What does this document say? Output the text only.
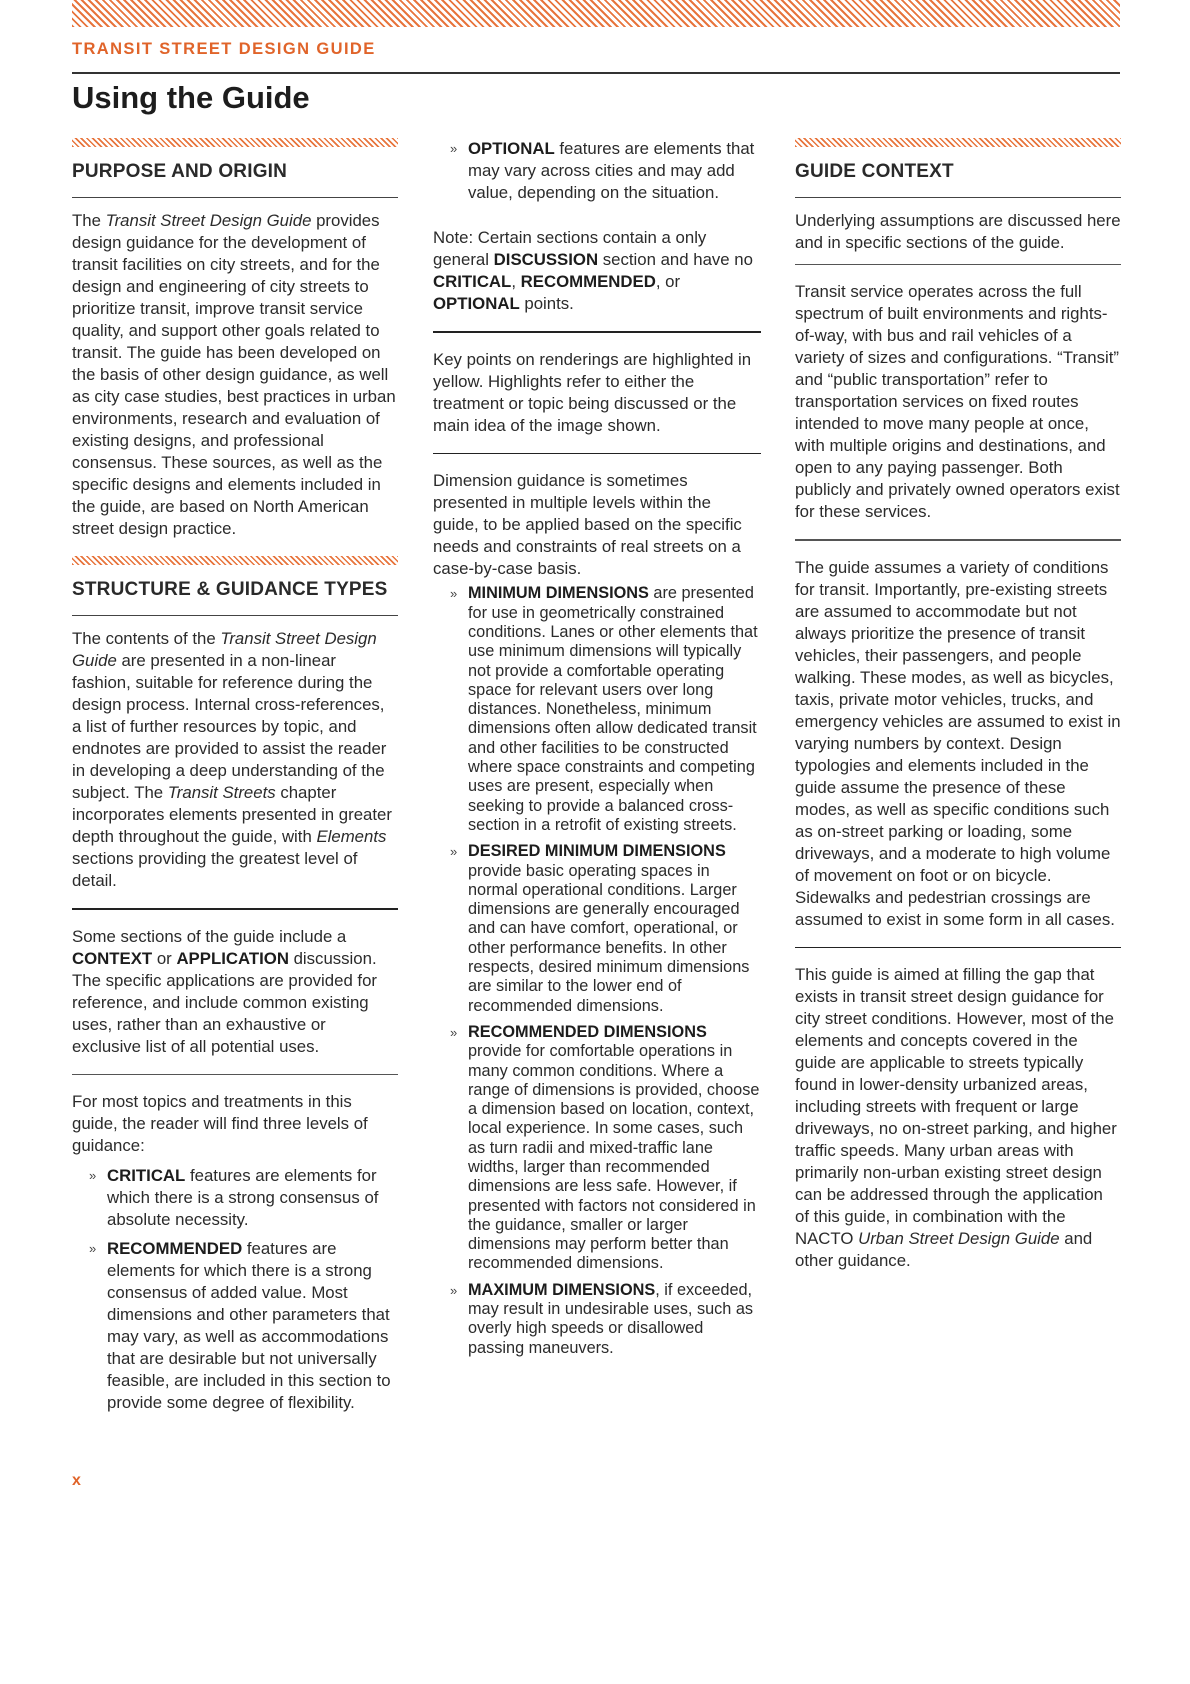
TRANSIT STREET DESIGN GUIDE
Using the Guide
PURPOSE AND ORIGIN

The Transit Street Design Guide provides design guidance for the development of transit facilities on city streets, and for the design and engineering of city streets to prioritize transit, improve transit service quality, and support other goals related to transit. The guide has been developed on the basis of other design guidance, as well as city case studies, best practices in urban environments, research and evaluation of existing designs, and professional consensus. These sources, as well as the specific designs and elements included in the guide, are based on North American street design practice.

STRUCTURE & GUIDANCE TYPES

The contents of the Transit Street Design Guide are presented in a non-linear fashion, suitable for reference during the design process. Internal cross-references, a list of further resources by topic, and endnotes are provided to assist the reader in developing a deep understanding of the subject. The Transit Streets chapter incorporates elements presented in greater depth throughout the guide, with Elements sections providing the greatest level of detail.

Some sections of the guide include a CONTEXT or APPLICATION discussion. The specific applications are provided for reference, and include common existing uses, rather than an exhaustive or exclusive list of all potential uses.

For most topics and treatments in this guide, the reader will find three levels of guidance:

» CRITICAL features are elements for which there is a strong consensus of absolute necessity.
» RECOMMENDED features are elements for which there is a strong consensus of added value. Most dimensions and other parameters that may vary, as well as accommodations that are desirable but not universally feasible, are included in this section to provide some degree of flexibility.
» OPTIONAL features are elements that may vary across cities and may add value, depending on the situation.

Note: Certain sections contain a only general DISCUSSION section and have no CRITICAL, RECOMMENDED, or OPTIONAL points.

Key points on renderings are highlighted in yellow. Highlights refer to either the treatment or topic being discussed or the main idea of the image shown.

Dimension guidance is sometimes presented in multiple levels within the guide, to be applied based on the specific needs and constraints of real streets on a case-by-case basis.

» MINIMUM DIMENSIONS are presented for use in geometrically constrained conditions. Lanes or other elements that use minimum dimensions will typically not provide a comfortable operating space for relevant users over long distances. Nonetheless, minimum dimensions often allow dedicated transit and other facilities to be constructed where space constraints and competing uses are present, especially when seeking to provide a balanced cross-section in a retrofit of existing streets.
» DESIRED MINIMUM DIMENSIONS provide basic operating spaces in normal operational conditions. Larger dimensions are generally encouraged and can have comfort, operational, or other performance benefits. In other respects, desired minimum dimensions are similar to the lower end of recommended dimensions.
» RECOMMENDED DIMENSIONS provide for comfortable operations in many common conditions. Where a range of dimensions is provided, choose a dimension based on location, context, local experience. In some cases, such as turn radii and mixed-traffic lane widths, larger than recommended dimensions are less safe. However, if presented with factors not considered in the guidance, smaller or larger dimensions may perform better than recommended dimensions.
» MAXIMUM DIMENSIONS, if exceeded, may result in undesirable uses, such as overly high speeds or disallowed passing maneuvers.
GUIDE CONTEXT

Underlying assumptions are discussed here and in specific sections of the guide.

Transit service operates across the full spectrum of built environments and rights-of-way, with bus and rail vehicles of a variety of sizes and configurations. “Transit” and “public transportation” refer to transportation services on fixed routes intended to move many people at once, with multiple origins and destinations, and open to any paying passenger. Both publicly and privately owned operators exist for these services.

The guide assumes a variety of conditions for transit. Importantly, pre-existing streets are assumed to accommodate but not always prioritize the presence of transit vehicles, their passengers, and people walking. These modes, as well as bicycles, taxis, private motor vehicles, trucks, and emergency vehicles are assumed to exist in varying numbers by context. Design typologies and elements included in the guide assume the presence of these modes, as well as specific conditions such as on-street parking or loading, some driveways, and a moderate to high volume of movement on foot or on bicycle. Sidewalks and pedestrian crossings are assumed to exist in some form in all cases.

This guide is aimed at filling the gap that exists in transit street design guidance for city street conditions. However, most of the elements and concepts covered in the guide are applicable to streets typically found in lower-density urbanized areas, including streets with frequent or large driveways, no on-street parking, and higher traffic speeds. Many urban areas with primarily non-urban existing street design can be addressed through the application of this guide, in combination with the NACTO Urban Street Design Guide and other guidance.

x
